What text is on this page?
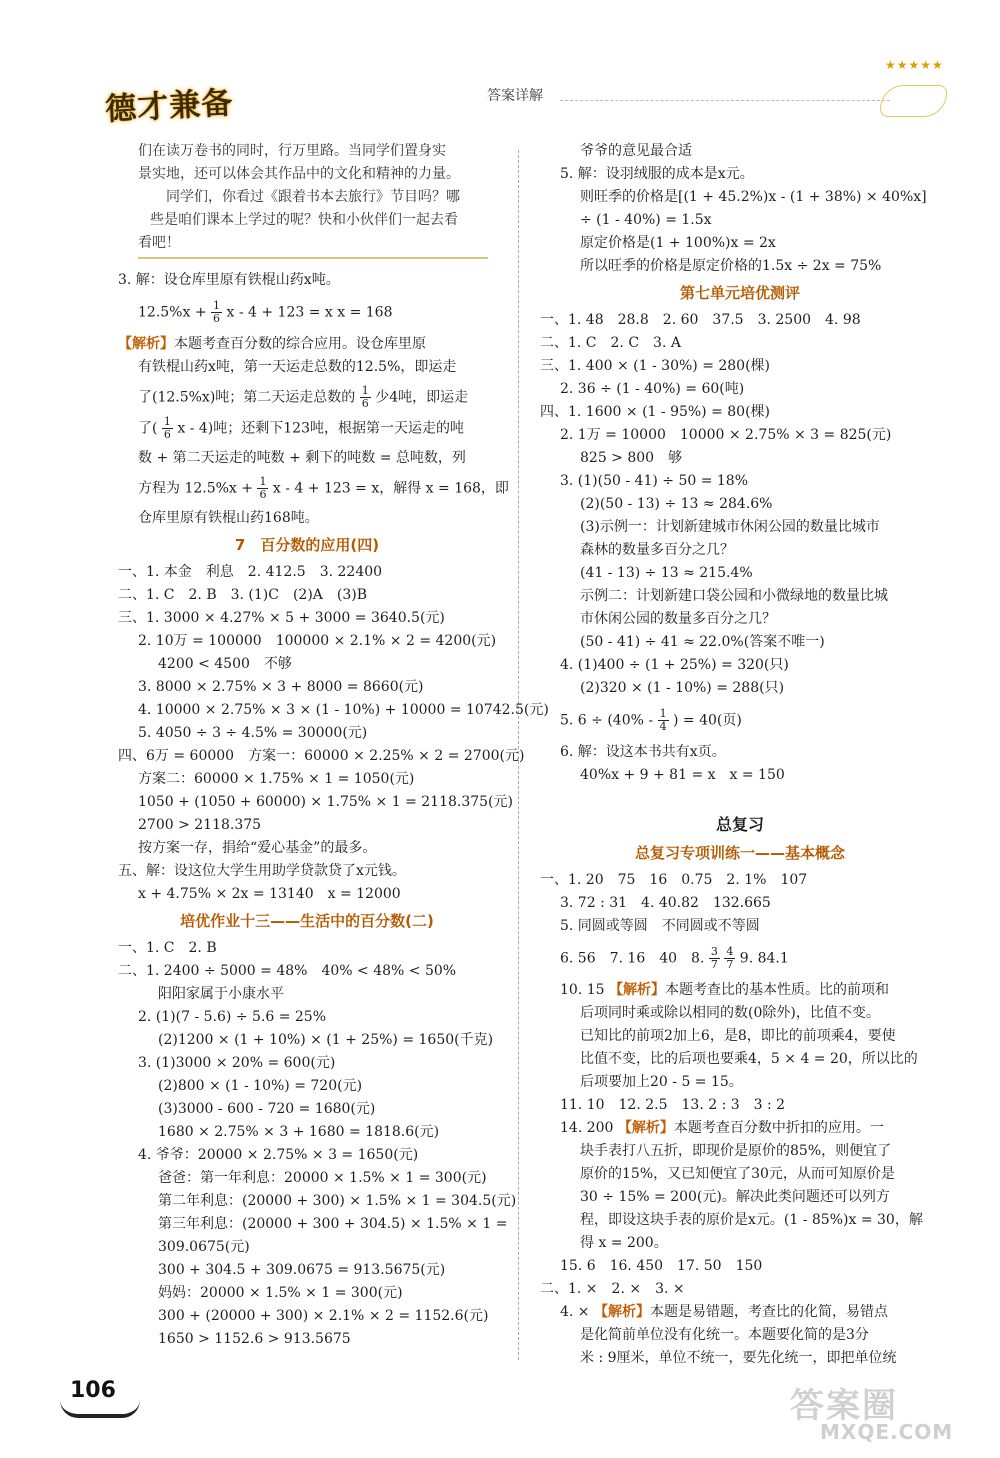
德才兼备	答案详解
★★★★★
们在读万卷书的同时，行万里路。当同学们置身实
景实地，还可以体会其作品中的文化和精神的力量。
同学们，你看过《跟着书本去旅行》节目吗？哪
些是咱们课本上学过的呢？快和小伙伴们一起去看
看吧！
3. 解：设仓库里原有铁棍山药x吨。
$12.5\%x + \frac{1}{6}$ x - 4 + 123 = x x = 168
【解析】本题考查百分数的综合应用。设仓库里原
有铁棍山药x吨，第一天运走总数的12.5%，即运走
了(12.5%x)吨；第二天运走总数的 $\frac{1}{6}$ 少4吨，即运走
了( $\frac{1}{6}$ x - 4)吨；还剩下123吨，根据第一天运走的吨
数 + 第二天运走的吨数 + 剩下的吨数 = 总吨数，列
方程为 $12.5\%x + \frac{1}{6}$ x - 4 + 123 = x，解得 x = 168，即
仓库里原有铁棍山药168吨。
7　百分数的应用(四)
一、1. 本金　利息　2. 412.5　3. 22400
二、1. C　2. B　3. (1)C　(2)A　(3)B
三、1. 3000 × 4.27% × 5 + 3000 = 3640.5(元)
2. 10万 = 100000　100000 × 2.1% × 2 = 4200(元)
4200 < 4500　不够
3. 8000 × 2.75% × 3 + 8000 = 8660(元)
4. 10000 × 2.75% × 3 × (1 - 10%) + 10000 = 10742.5(元)
5. 4050 ÷ 3 ÷ 4.5% = 30000(元)
四、6万 = 60000　方案一：60000 × 2.25% × 2 = 2700(元)
方案二：60000 × 1.75% × 1 = 1050(元)
1050 + (1050 + 60000) × 1.75% × 1 = 2118.375(元)
2700 > 2118.375
按方案一存，捐给“爱心基金”的最多。
五、解：设这位大学生用助学贷款贷了x元钱。
x + 4.75% × 2x = 13140　x = 12000
培优作业十三——生活中的百分数(二)
一、1. C　2. B
二、1. 2400 ÷ 5000 = 48%　40% < 48% < 50%
阳阳家属于小康水平
2. (1)(7 - 5.6) ÷ 5.6 = 25%
(2)1200 × (1 + 10%) × (1 + 25%) = 1650(千克)
3. (1)3000 × 20% = 600(元)
(2)800 × (1 - 10%) = 720(元)
(3)3000 - 600 - 720 = 1680(元)
1680 × 2.75% × 3 + 1680 = 1818.6(元)
4. 爷爷：20000 × 2.75% × 3 = 1650(元)
爸爸：第一年利息：20000 × 1.5% × 1 = 300(元)
第二年利息：(20000 + 300) × 1.5% × 1 = 304.5(元)
第三年利息：(20000 + 300 + 304.5) × 1.5% × 1 =
309.0675(元)
300 + 304.5 + 309.0675 = 913.5675(元)
妈妈：20000 × 1.5% × 1 = 300(元)
300 + (20000 + 300) × 2.1% × 2 = 1152.6(元)
1650 > 1152.6 > 913.5675
爷爷的意见最合适
5. 解：设羽绒服的成本是x元。
则旺季的价格是[(1 + 45.2%)x - (1 + 38%) × 40%x]
÷ (1 - 40%) = 1.5x
原定价格是(1 + 100%)x = 2x
所以旺季的价格是原定价格的1.5x ÷ 2x = 75%
第七单元培优测评
一、1. 48　28.8　2. 60　37.5　3. 2500　4. 98
二、1. C　2. C　3. A
三、1. 400 × (1 - 30%) = 280(棵)
2. 36 ÷ (1 - 40%) = 60(吨)
四、1. 1600 × (1 - 95%) = 80(棵)
2. 1万 = 10000　10000 × 2.75% × 3 = 825(元)
825 > 800　够
3. (1)(50 - 41) ÷ 50 = 18%
(2)(50 - 13) ÷ 13 ≈ 284.6%
(3)示例一：计划新建城市休闲公园的数量比城市
森林的数量多百分之几？
(41 - 13) ÷ 13 ≈ 215.4%
示例二：计划新建口袋公园和小微绿地的数量比城
市休闲公园的数量多百分之几？
(50 - 41) ÷ 41 ≈ 22.0%(答案不唯一)
4. (1)400 ÷ (1 + 25%) = 320(只)
(2)320 × (1 - 10%) = 288(只)
5. $6 \div (40\% - \frac{1}{4}$ ) = 40(页)
6. 解：设这本书共有x页。
40%x + 9 + 81 = x　x = 150
总复习
总复习专项训练一——基本概念
一、1. 20　75　16　0.75　2. 1%　107
3. 72 : 31　4. 40.82　132.665
5. 同圆或等圆　不同圆或不等圆
6. 56　7. 16　40　8. $\frac{3}{7}$
$\frac{4}{7} 9$. 84.1
10. 15 【解析】本题考查比的基本性质。比的前项和
后项同时乘或除以相同的数(0除外)，比值不变。
已知比的前项2加上6，是8，即比的前项乘4，要使
比值不变，比的后项也要乘4，5 × 4 = 20，所以比的
后项要加上20 - 5 = 15。
11. 10　12. 2.5　13. 2 : 3　3 : 2
14. 200 【解析】本题考查百分数中折扣的应用。一
块手表打八五折，即现价是原价的85%，则便宜了
原价的15%，又已知便宜了30元，从而可知原价是
30 ÷ 15% = 200(元)。解决此类问题还可以列方
程，即设这块手表的原价是x元。(1 - 85%)x = 30，解
得 x = 200。
15. 6　16. 450　17. 50　150
二、1. ×　2. ×　3. ×
4. × 【解析】本题是易错题，考查比的化简，易错点
是化简前单位没有化统一。本题要化简的是3分
米 : 9厘米，单位不统一，要先化统一，即把单位统
106	答案圈
MXQE.COM
